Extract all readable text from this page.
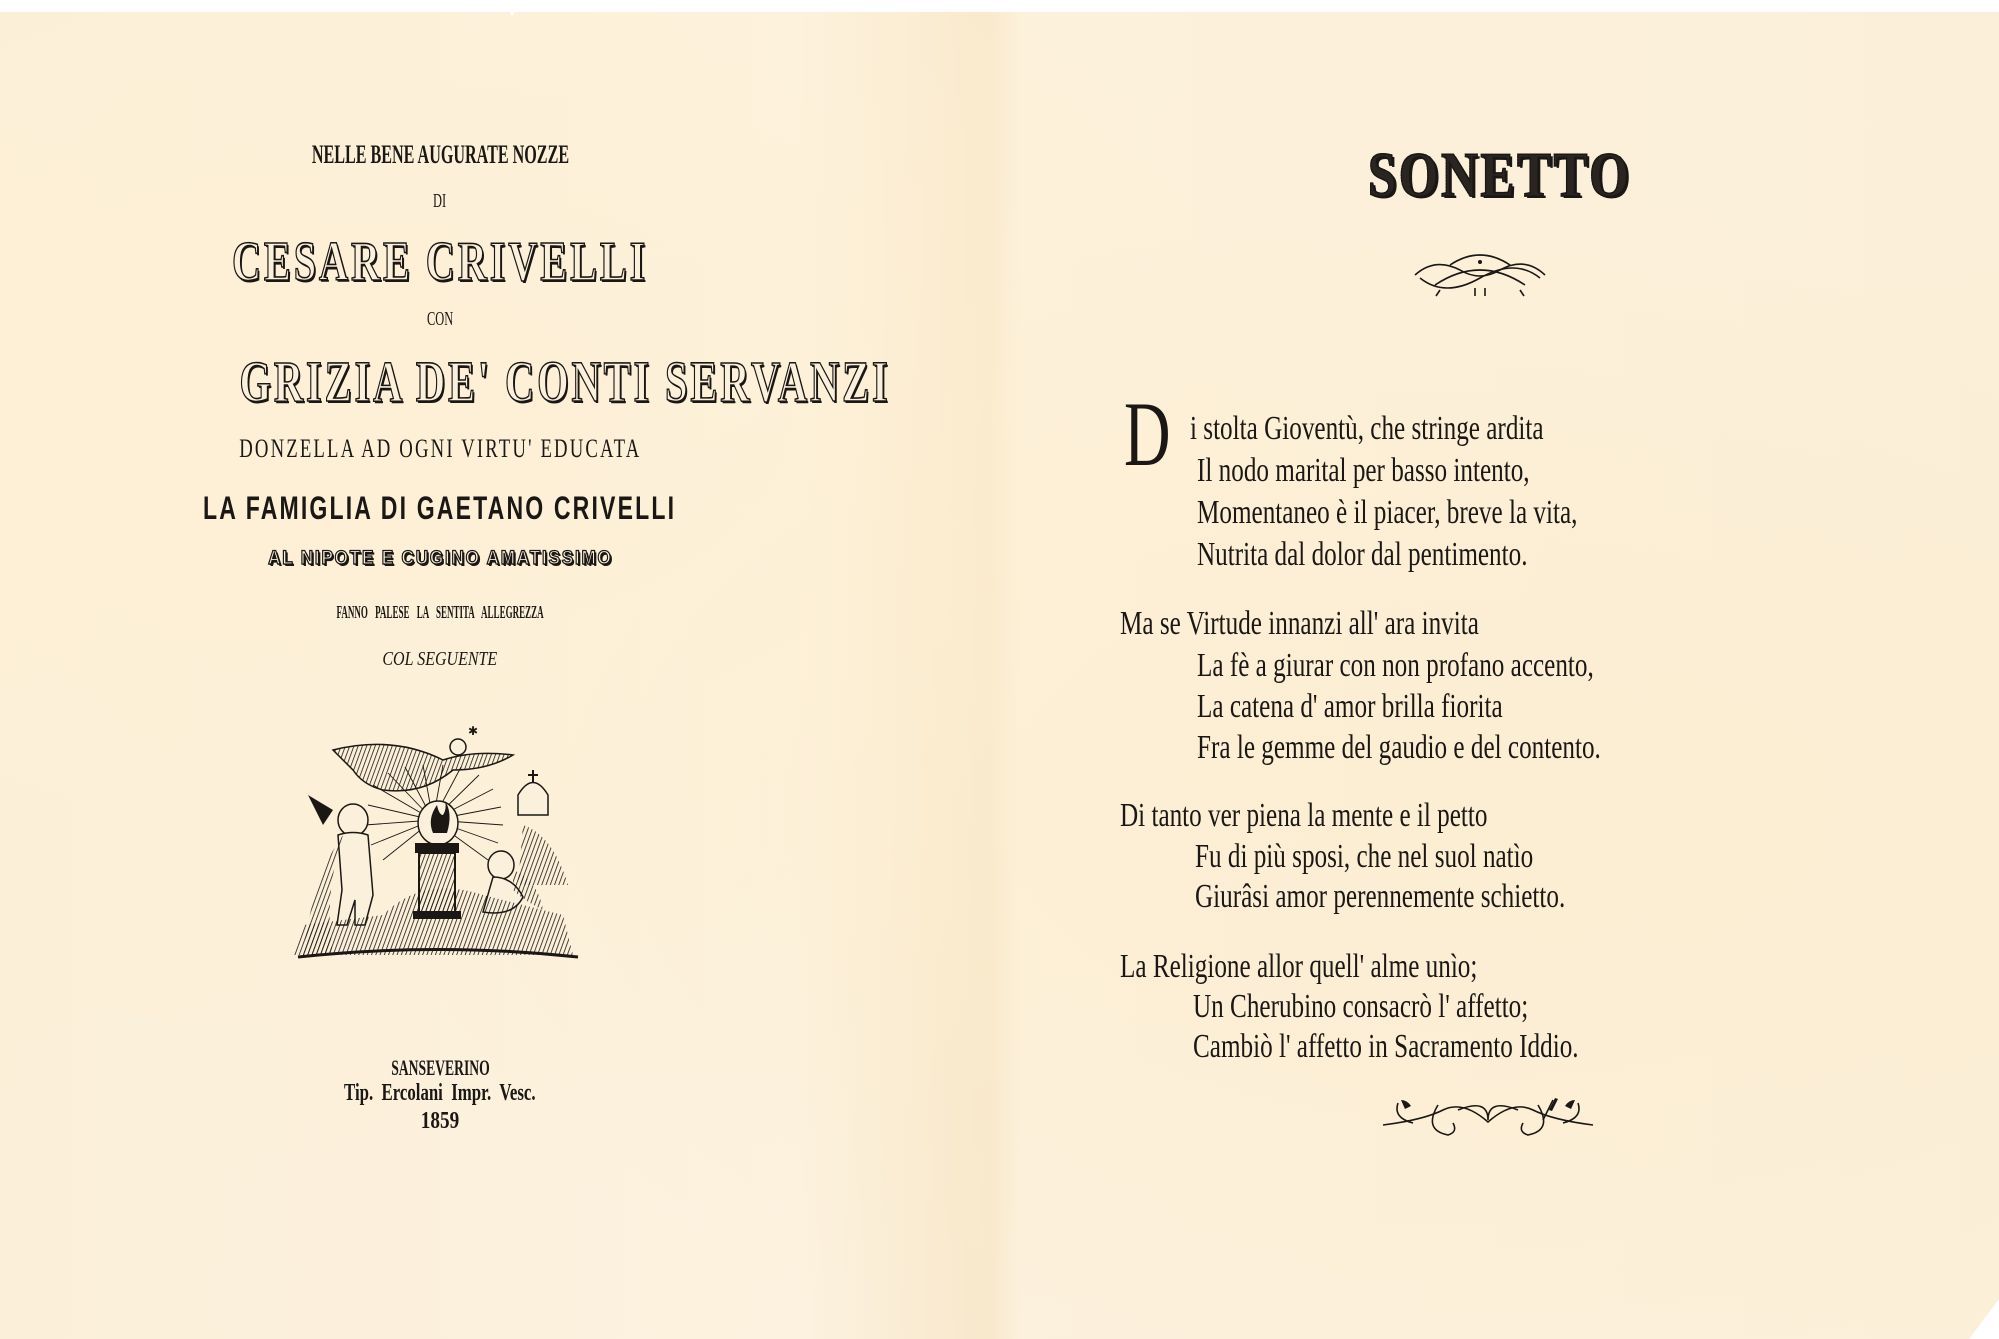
NELLE BENE AUGURATE NOZZE
DI
CESARE CRIVELLI
CON
GRIZIA DE' CONTI SERVANZI
DONZELLA AD OGNI VIRTU' EDUCATA
LA FAMIGLIA DI GAETANO CRIVELLI
AL NIPOTE E CUGINO AMATISSIMO
FANNO PALESE LA SENTITA ALLEGREZZA
COL SEGUENTE
✱
SANSEVERINO
Tip. Ercolani Impr. Vesc.
1859
SONETTO
D i stolta Gioventù, che stringe ardita
Il nodo marital per basso intento,
Momentaneo è il piacer, breve la vita,
Nutrita dal dolor dal pentimento.
Ma se Virtude innanzi all' ara invita
La fè a giurar con non profano accento,
La catena d' amor brilla fiorita
Fra le gemme del gaudio e del contento.
Di tanto ver piena la mente e il petto
Fu di più sposi, che nel suol natìo
Giurâsi amor perennemente schietto.
La Religione allor quell' alme unìo;
Un Cherubino consacrò l' affetto;
Cambiò l' affetto in Sacramento Iddio.
